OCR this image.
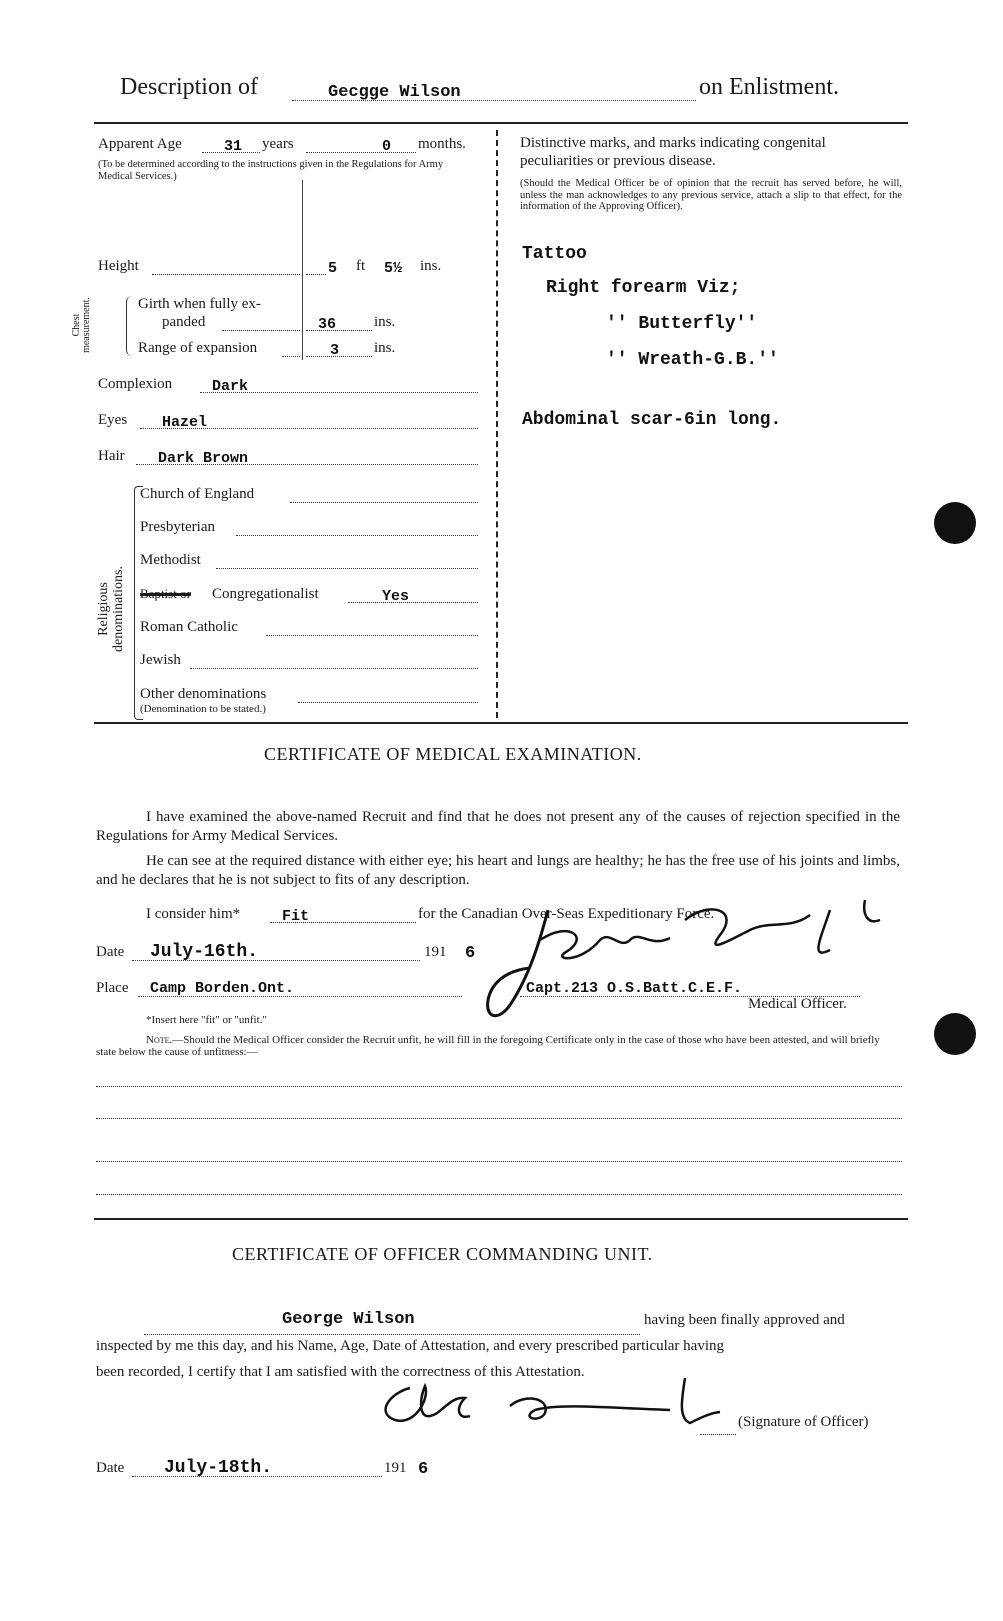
Description of	Gecgge Wilson	on Enlistment.
Apparent Age	31 years	0 months.
(To be determined according to the instructions given in the Regulations for Army Medical Services.)
Height	5 ft 5½ ins.
Chest measurement.	Girth when fully ex-
panded	36	ins.
Range of expansion	3 ins.
Complexion	Dark
Eyes Hazel
Hair Dark Brown
Religious denominations.
Church of England
Presbyterian
Methodist
Baptist or Congregationalist	Yes
Roman Catholic
Jewish
Other denominations
(Denomination to be stated.)
Distinctive marks, and marks indicating congenital peculiarities or previous disease.
(Should the Medical Officer be of opinion that the recruit has served before, he will, unless the man acknowledges to any previous service, attach a slip to that effect, for the information of the Approving Officer).
Tattoo
Right forearm Viz;
'' Butterfly''
'' Wreath-G.B.''
Abdominal scar-6in long.
CERTIFICATE OF MEDICAL EXAMINATION.
I have examined the above-named Recruit and find that he does not present any of the causes of rejection specified in the Regulations for Army Medical Services.
He can see at the required distance with either eye; his heart and lungs are healthy; he has the free use of his joints and limbs, and he declares that he is not subject to fits of any description.
I consider him*	Fit	for the Canadian Over-Seas Expeditionary Force.
Date July-16th.	191 6
Place Camp Borden.Ont.	Capt.213 O.S.Batt.C.E.F.
Medical Officer.
*Insert here "fit" or "unfit."
Note.—Should the Medical Officer consider the Recruit unfit, he will fill in the foregoing Certificate only in the case of those who have been attested, and will briefly state below the cause of unfitness:—
CERTIFICATE OF OFFICER COMMANDING UNIT.
George Wilson	having been finally approved and
inspected by me this day, and his Name, Age, Date of Attestation, and every prescribed particular having
been recorded, I certify that I am satisfied with the correctness of this Attestation.
(Signature of Officer)
Date July-18th.	191 6
